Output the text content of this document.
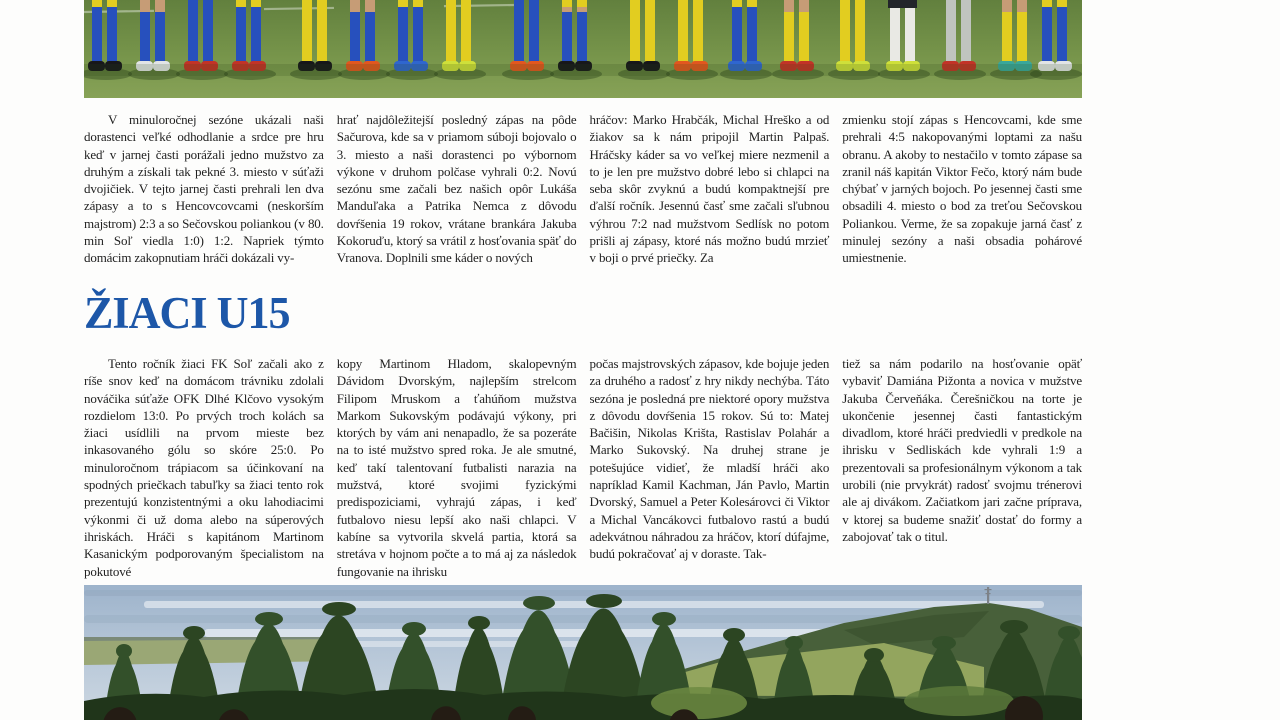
V minuloročnej sezóne ukázali naši dorastenci veľké odhodlanie a srdce pre hru keď v jarnej časti porážali jedno mužstvo za druhým a získali tak pekné 3. miesto v súťaži dvojičiek. V tejto jarnej časti prehrali len dva zápasy a to s Hencovcovcami (neskorším majstrom) 2:3 a so Sečovskou poliankou (v 80. min Soľ viedla 1:0) 1:2. Napriek týmto domácim zakopnutiam hráči dokázali vy-
hrať najdôležitejší posledný zápas na pôde Sačurova, kde sa v priamom súboji bojovalo o 3. miesto a naši dorastenci po výbornom výkone v druhom polčase vyhrali 0:2. Novú sezónu sme začali bez našich opôr Lukáša Manduľaka a Patrika Nemca z dôvodu dovŕšenia 19 rokov, vrátane brankára Jakuba Kokoruďu, ktorý sa vrátil z hosťovania späť do Vranova. Doplnili sme káder o nových
hráčov: Marko Hrabčák, Michal Hreško a od žiakov sa k nám pripojil Martin Palpaš. Hráčsky káder sa vo veľkej miere nezmenil a to je len pre mužstvo dobré lebo si chlapci na seba skôr zvyknú a budú kompaktnejší pre ďalší ročník. Jesennú časť sme začali sľubnou výhrou 7:2 nad mužstvom Sedlísk no potom prišli aj zápasy, ktoré nás možno budú mrzieť v boji o prvé priečky. Za
zmienku stojí zápas s Hencovcami, kde sme prehrali 4:5 nakopovanými loptami za našu obranu. A akoby to nestačilo v tomto zápase sa zranil náš kapitán Viktor Fečo, ktorý nám bude chýbať v jarných bojoch. Po jesennej časti sme obsadili 4. miesto o bod za treťou Sečovskou Poliankou. Verme, že sa zopakuje jarná časť z minulej sezóny a naši obsadia pohárové umiestnenie.
ŽIACI U15
Tento ročník žiaci FK Soľ začali ako z ríše snov keď na domácom trávniku zdolali nováčika súťaže OFK Dlhé Klčovo vysokým rozdielom 13:0. Po prvých troch kolách sa žiaci usídlili na prvom mieste bez inkasovaného gólu so skóre 25:0. Po minuloročnom trápiacom sa účinkovaní na spodných priečkach tabuľky sa žiaci tento rok prezentujú konzistentnými a oku lahodiacimi výkonmi či už doma alebo na súperových ihriskách. Hráči s kapitánom Martinom Kasanickým podporovaným špecialistom na pokutové
kopy Martinom Hladom, skalopevným Dávidom Dvorským, najlepším strelcom Filipom Mruskom a ťahúňom mužstva Markom Sukovským podávajú výkony, pri ktorých by vám ani nenapadlo, že sa pozeráte na to isté mužstvo spred roka. Je ale smutné, keď takí talentovaní futbalisti narazia na mužstvá, ktoré svojimi fyzickými predispoziciami, vyhrajú zápas, i keď futbalovo niesu lepší ako naši chlapci. V kabíne sa vytvorila skvelá partia, ktorá sa stretáva v hojnom počte a to má aj za následok fungovanie na ihrisku
počas majstrovských zápasov, kde bojuje jeden za druhého a radosť z hry nikdy nechýba. Táto sezóna je posledná pre niektoré opory mužstva z dôvodu dovŕšenia 15 rokov. Sú to: Matej Bačišin, Nikolas Krišta, Rastislav Polahár a Marko Sukovský. Na druhej strane je potešujúce vidieť, že mladší hráči ako napríklad Kamil Kachman, Ján Pavlo, Martin Dvorský, Samuel a Peter Kolesárovci či Viktor a Michal Vancákovci futbalovo rastú a budú adekvátnou náhradou za hráčov, ktorí dúfajme, budú pokračovať aj v doraste. Tak-
tiež sa nám podarilo na hosťovanie opäť vybaviť Damiána Pižonta a novica v mužstve Jakuba Červeňáka. Čerešničkou na torte je ukončenie jesennej časti fantastickým divadlom, ktoré hráči predviedli v predkole na ihrisku v Sedliskách kde vyhrali 1:9 a prezentovali sa profesionálnym výkonom a tak urobili (nie prvykrát) radosť svojmu trénerovi ale aj divákom. Začiatkom jari začne príprava, v ktorej sa budeme snažiť dostať do formy a zabojovať tak o titul.
